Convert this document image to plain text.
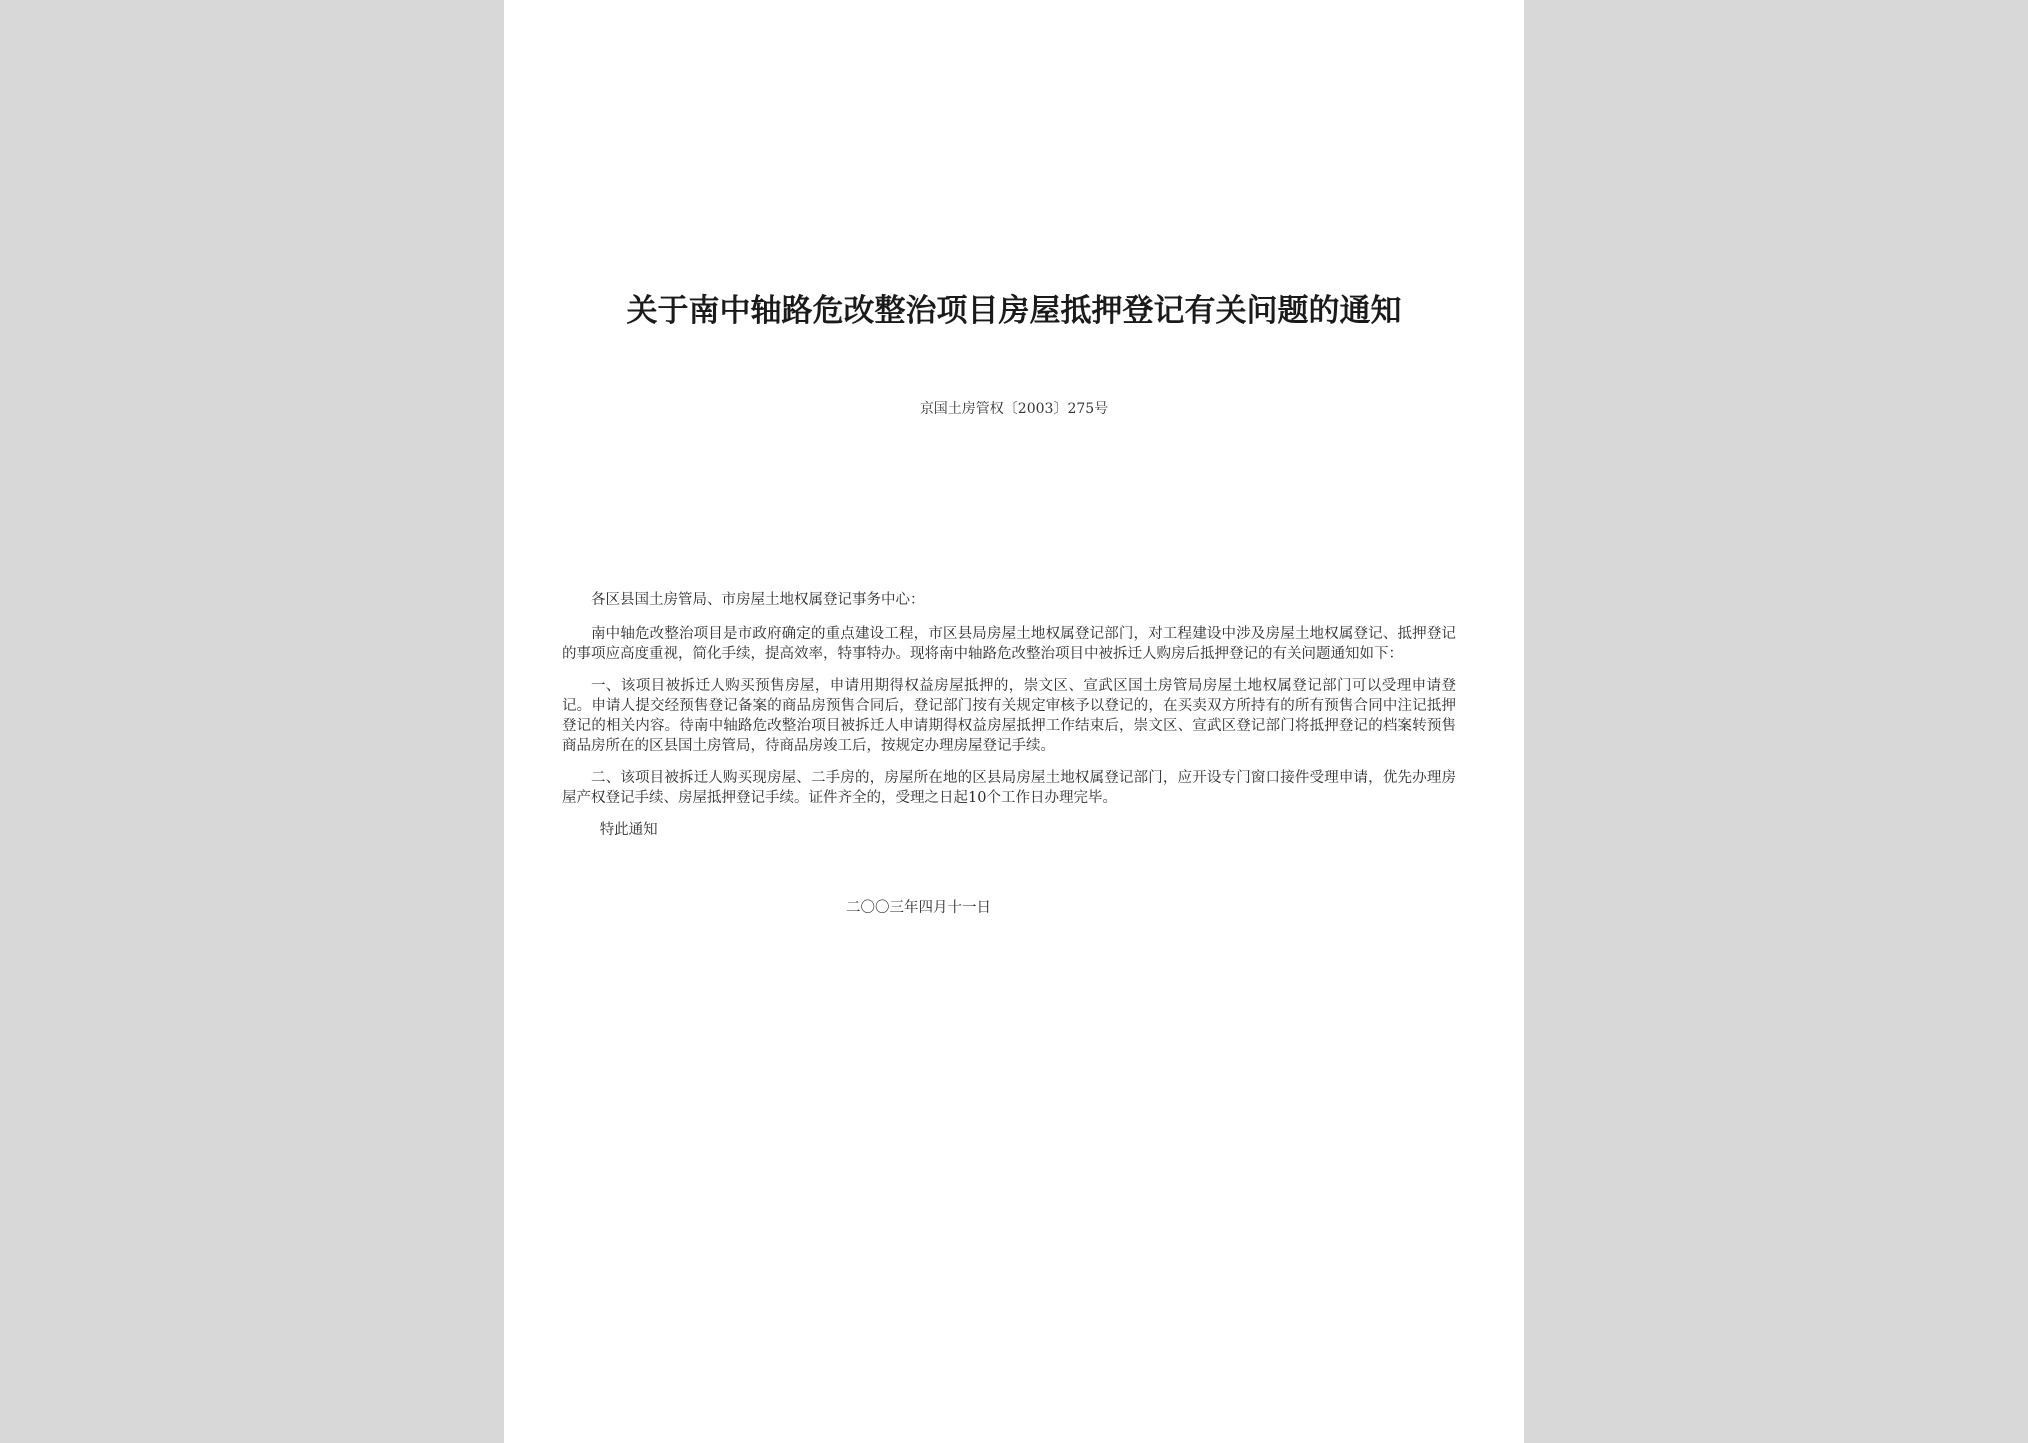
关于南中轴路危改整治项目房屋抵押登记有关问题的通知
京国土房管权〔2003〕275号

各区县国土房管局、市房屋土地权属登记事务中心：

南中轴危改整治项目是市政府确定的重点建设工程，市区县局房屋土地权属登记部门，对工程建设中涉及房屋土地权属登记、抵押登记的事项应高度重视，简化手续，提高效率，特事特办。现将南中轴路危改整治项目中被拆迁人购房后抵押登记的有关问题通知如下：

一、该项目被拆迁人购买预售房屋，申请用期得权益房屋抵押的，崇文区、宣武区国土房管局房屋土地权属登记部门可以受理申请登记。申请人提交经预售登记备案的商品房预售合同后，登记部门按有关规定审核予以登记的，在买卖双方所持有的所有预售合同中注记抵押登记的相关内容。待南中轴路危改整治项目被拆迁人申请期得权益房屋抵押工作结束后，崇文区、宣武区登记部门将抵押登记的档案转预售商品房所在的区县国土房管局，待商品房竣工后，按规定办理房屋登记手续。

二、该项目被拆迁人购买现房屋、二手房的，房屋所在地的区县局房屋土地权属登记部门，应开设专门窗口接件受理申请，优先办理房屋产权登记手续、房屋抵押登记手续。证件齐全的，受理之日起10个工作日办理完毕。

特此通知

二〇〇三年四月十一日
